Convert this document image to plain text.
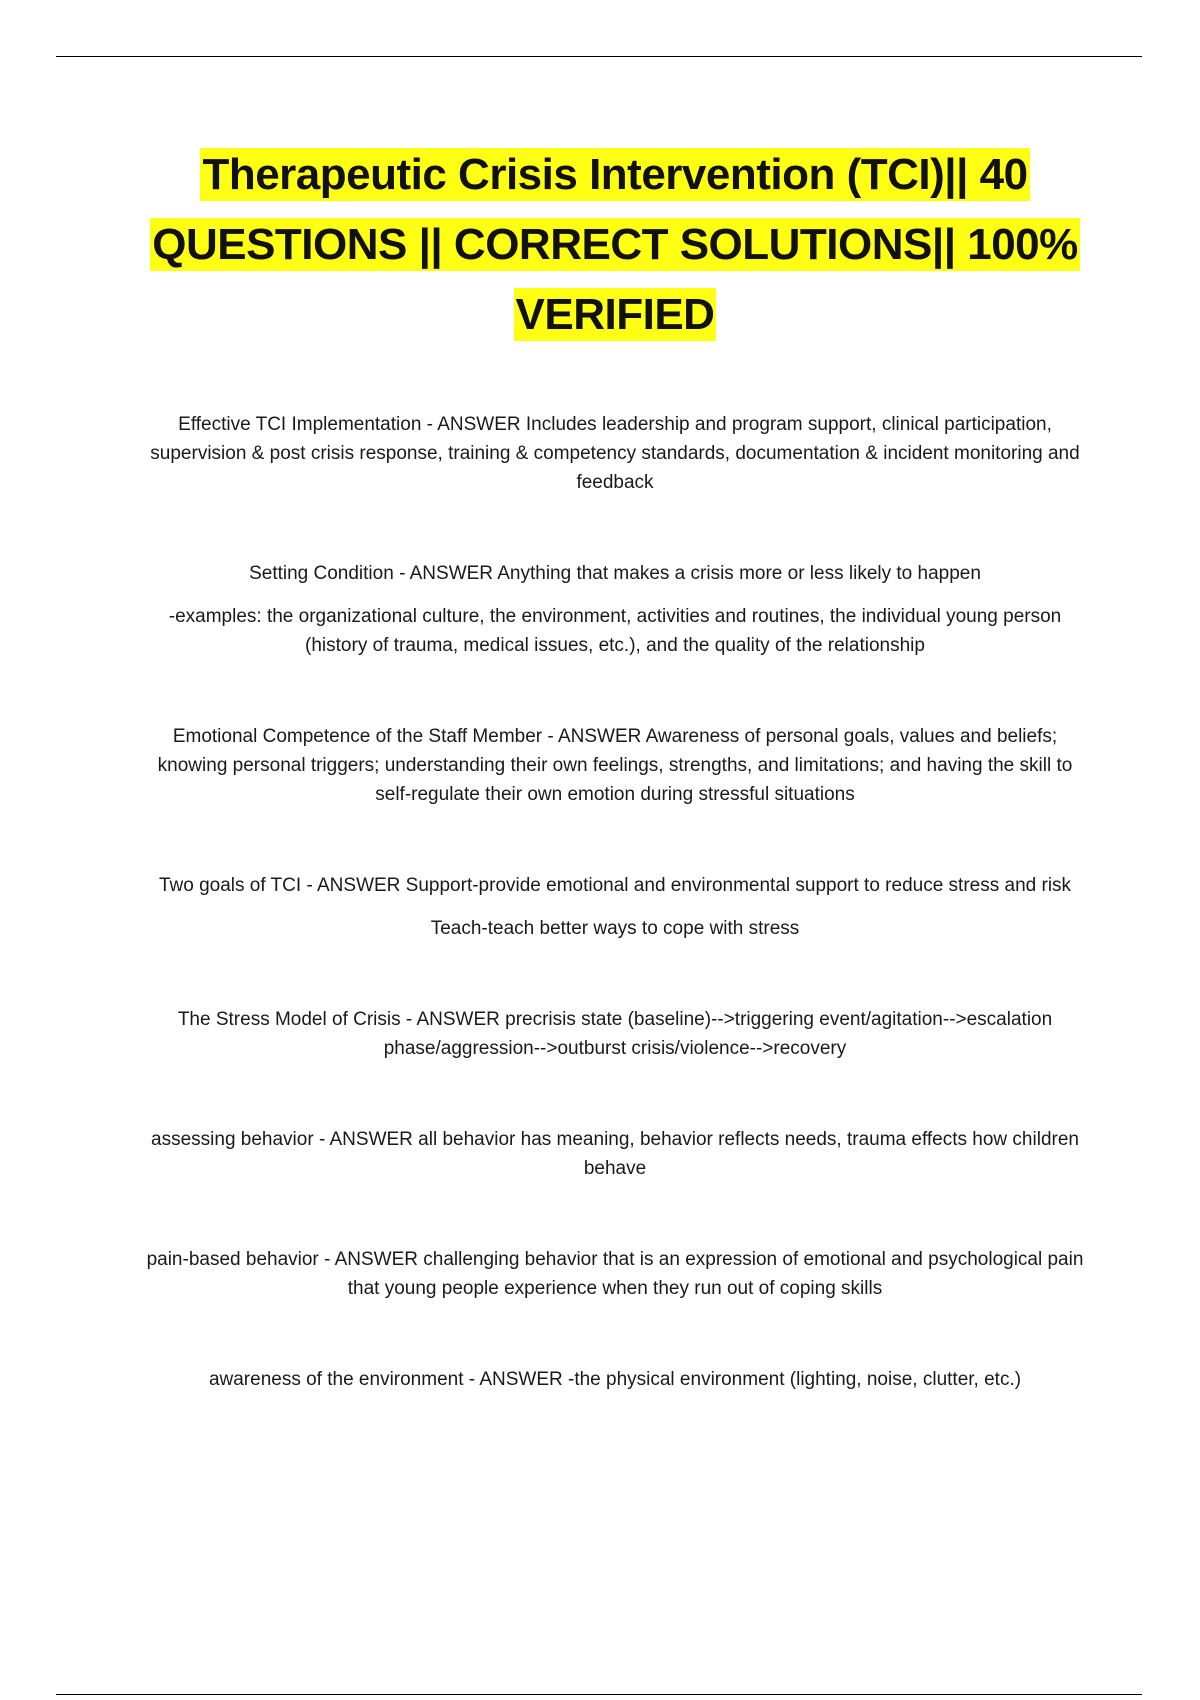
Therapeutic Crisis Intervention (TCI)|| 40 QUESTIONS || CORRECT SOLUTIONS|| 100% VERIFIED

Effective TCI Implementation - ANSWER Includes leadership and program support, clinical participation, supervision & post crisis response, training & competency standards, documentation & incident monitoring and feedback

Setting Condition - ANSWER Anything that makes a crisis more or less likely to happen

-examples: the organizational culture, the environment, activities and routines, the individual young person (history of trauma, medical issues, etc.), and the quality of the relationship

Emotional Competence of the Staff Member - ANSWER Awareness of personal goals, values and beliefs; knowing personal triggers; understanding their own feelings, strengths, and limitations; and having the skill to self-regulate their own emotion during stressful situations

Two goals of TCI - ANSWER Support-provide emotional and environmental support to reduce stress and risk

Teach-teach better ways to cope with stress

The Stress Model of Crisis - ANSWER precrisis state (baseline)-->triggering event/agitation-->escalation phase/aggression-->outburst crisis/violence-->recovery

assessing behavior - ANSWER all behavior has meaning, behavior reflects needs, trauma effects how children behave

pain-based behavior - ANSWER challenging behavior that is an expression of emotional and psychological pain that young people experience when they run out of coping skills

awareness of the environment - ANSWER -the physical environment (lighting, noise, clutter, etc.)
